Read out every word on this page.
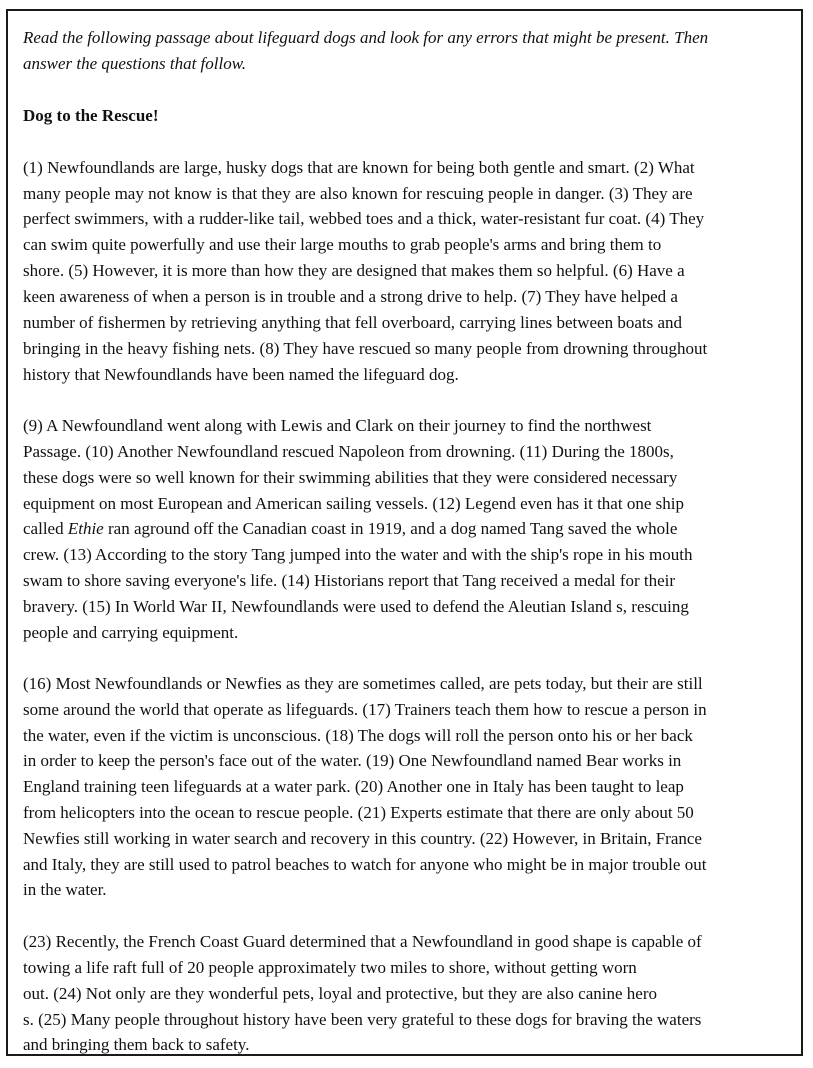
Read the following passage about lifeguard dogs and look for any errors that might be present. Then

answer the questions that follow.

Dog to the Rescue!

(1) Newfoundlands are large, husky dogs that are known for being both gentle and smart. (2) What

many people may not know is that they are also known for rescuing people in danger. (3) They are

perfect swimmers, with a rudder-like tail, webbed toes and a thick, water-resistant fur coat. (4) They

can swim quite powerfully and use their large mouths to grab people's arms and bring them to

shore. (5) However, it is more than how they are designed that makes them so helpful. (6) Have a

keen awareness of when a person is in trouble and a strong drive to help. (7) They have helped a

number of fishermen by retrieving anything that fell overboard, carrying lines between boats and

bringing in the heavy fishing nets. (8) They have rescued so many people from drowning throughout

history that Newfoundlands have been named the lifeguard dog.

(9) A Newfoundland went along with Lewis and Clark on their journey to find the northwest

Passage. (10) Another Newfoundland rescued Napoleon from drowning. (11) During the 1800s,

these dogs were so well known for their swimming abilities that they were considered necessary

equipment on most European and American sailing vessels. (12) Legend even has it that one ship

called Ethie ran aground off the Canadian coast in 1919, and a dog named Tang saved the whole

crew. (13) According to the story Tang jumped into the water and with the ship's rope in his mouth

swam to shore saving everyone's life. (14) Historians report that Tang received a medal for their

bravery. (15) In World War II, Newfoundlands were used to defend the Aleutian Island s, rescuing

people and carrying equipment.

(16) Most Newfoundlands or Newfies as they are sometimes called, are pets today, but their are still

some around the world that operate as lifeguards. (17) Trainers teach them how to rescue a person in

the water, even if the victim is unconscious. (18) The dogs will roll the person onto his or her back

in order to keep the person's face out of the water. (19) One Newfoundland named Bear works in

England training teen lifeguards at a water park. (20) Another one in Italy has been taught to leap

from helicopters into the ocean to rescue people. (21) Experts estimate that there are only about 50

Newfies still working in water search and recovery in this country. (22) However, in Britain, France

and Italy, they are still used to patrol beaches to watch for anyone who might be in major trouble out

in the water.

(23) Recently, the French Coast Guard determined that a Newfoundland in good shape is capable of

towing a life raft full of 20 people approximately two miles to shore, without getting worn

out. (24) Not only are they wonderful pets, loyal and protective, but they are also canine hero

s. (25) Many people throughout history have been very grateful to these dogs for braving the waters

and bringing them back to safety.
